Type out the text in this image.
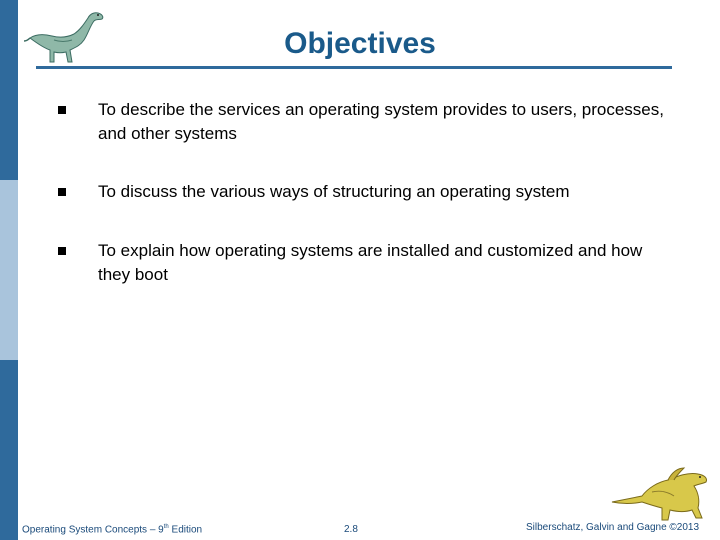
Objectives
To describe the services an operating system provides to users, processes, and other systems
To discuss the various ways of structuring an operating system
To explain how operating systems are installed and customized and how they boot
Operating System Concepts – 9th Edition	2.8	Silberschatz, Galvin and Gagne ©2013
